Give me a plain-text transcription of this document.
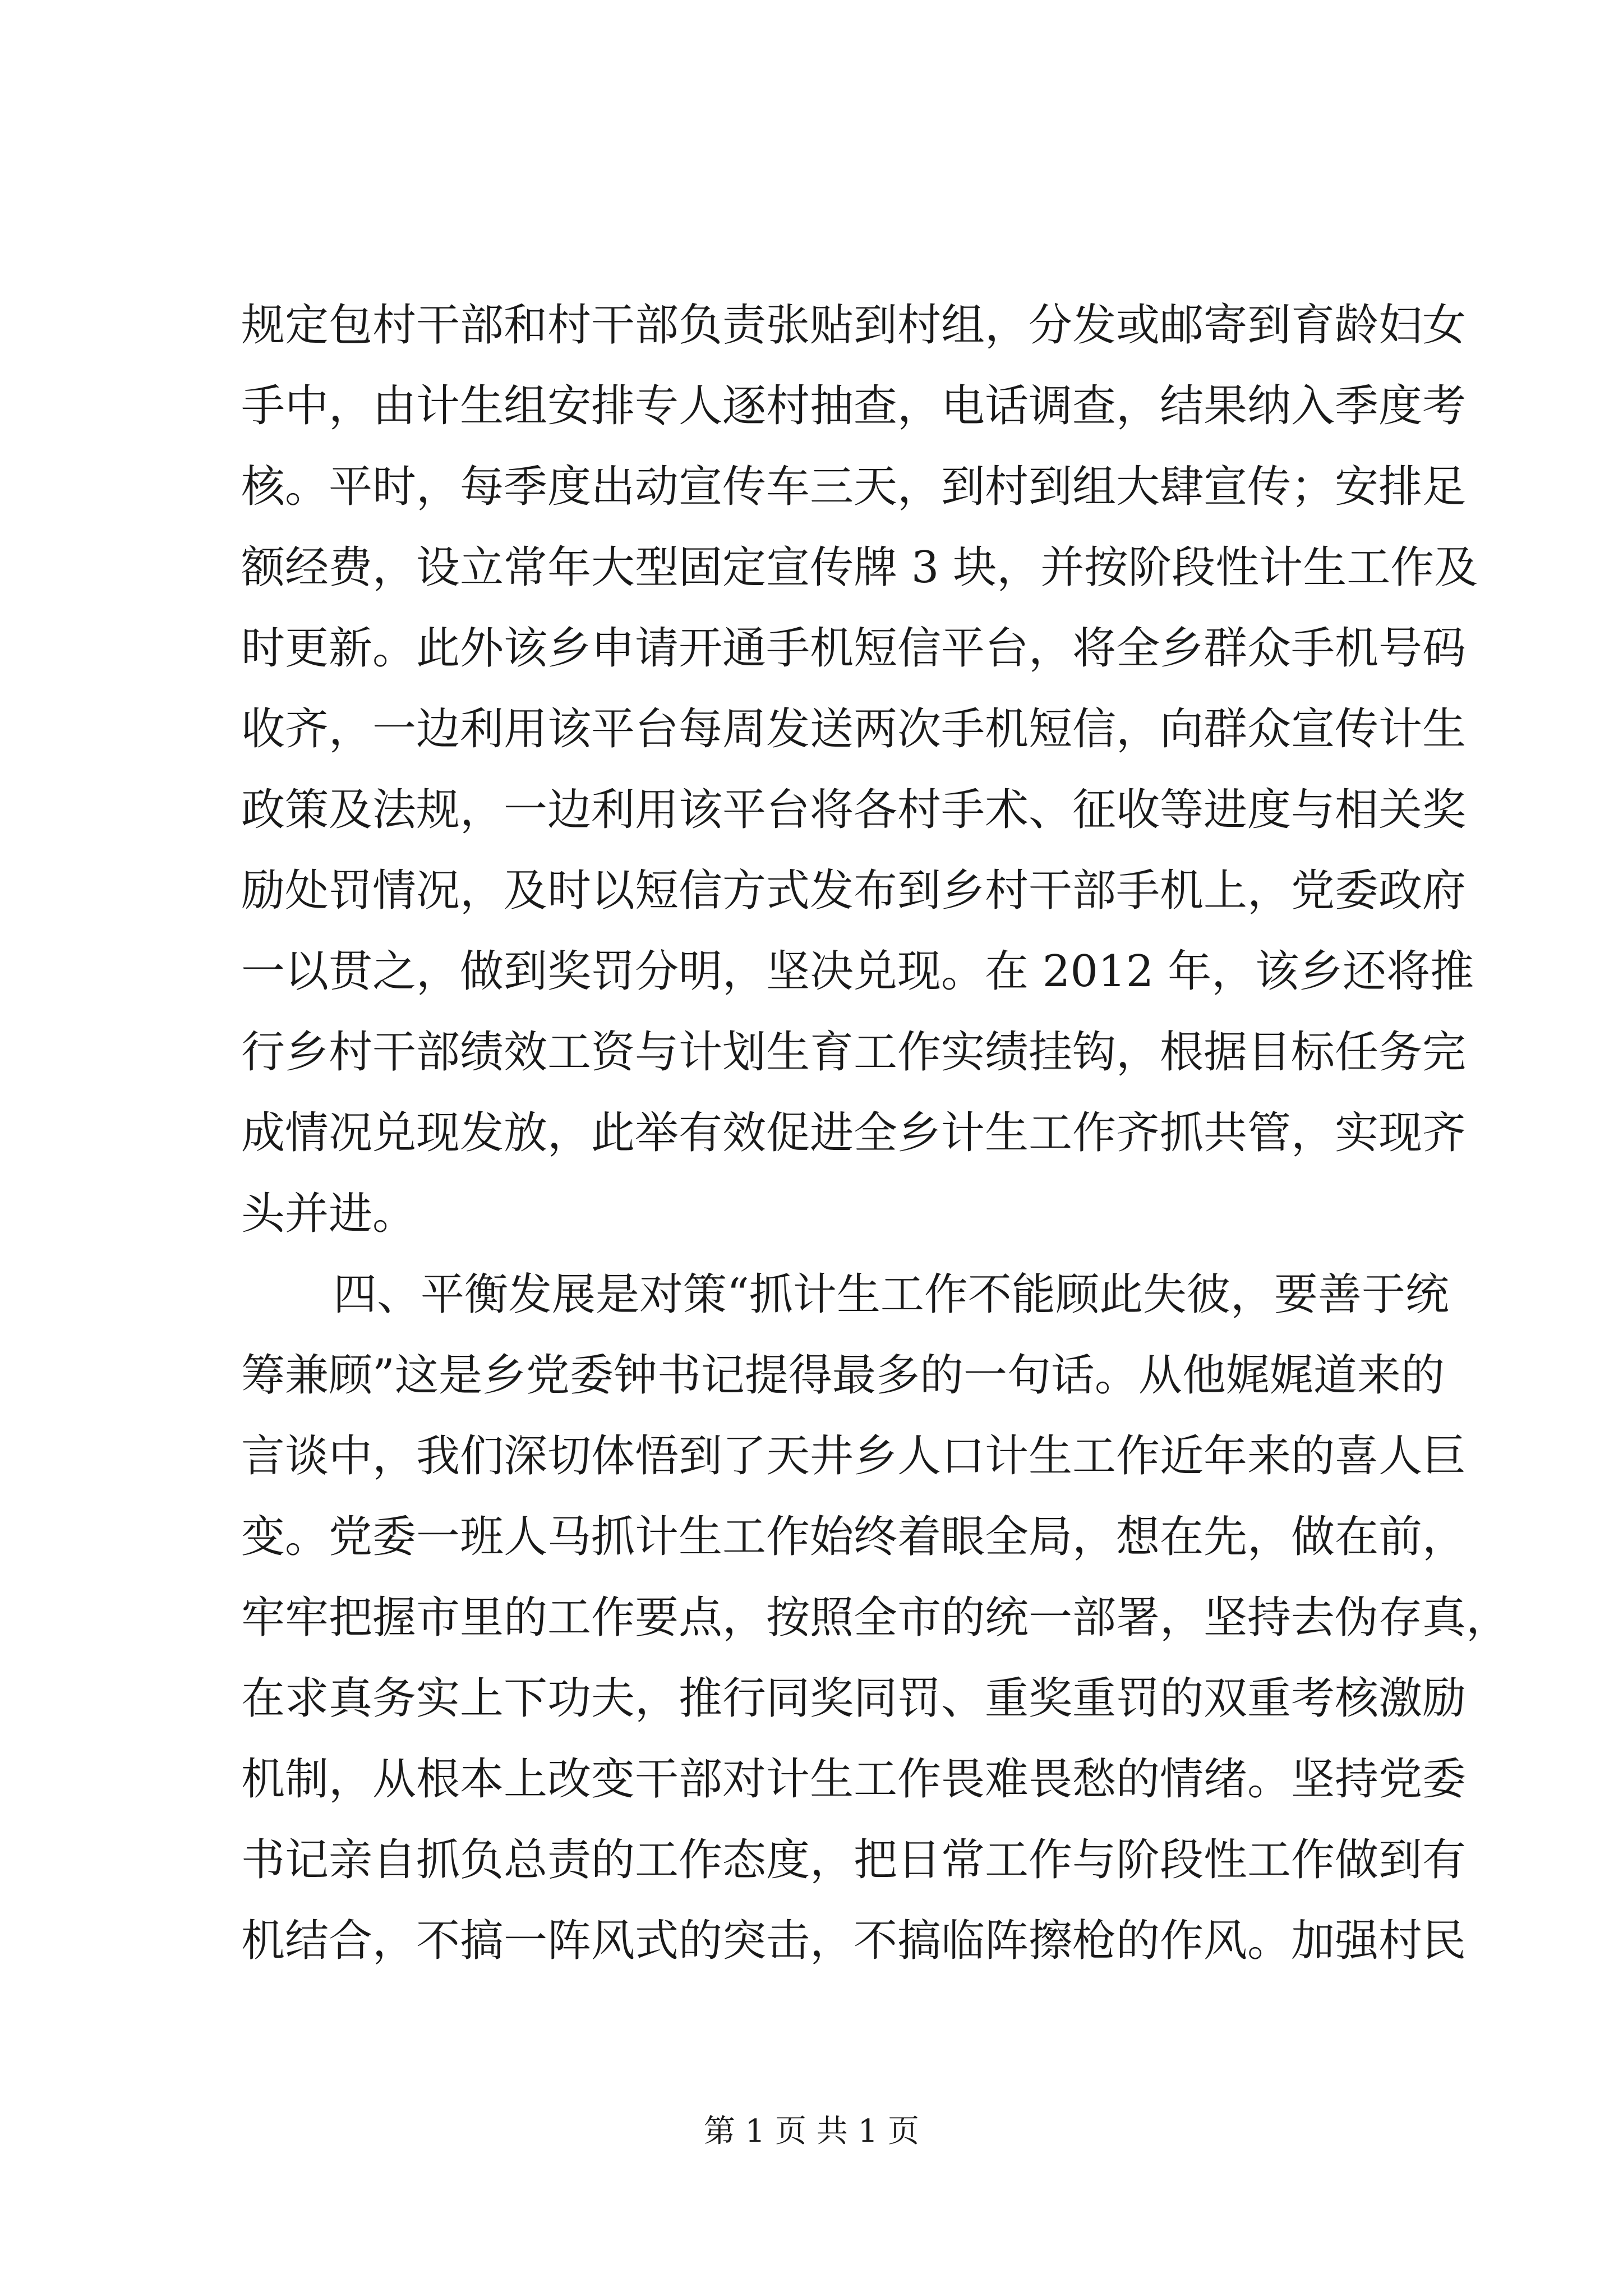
规定包村干部和村干部负责张贴到村组，分发或邮寄到育龄妇女
手中，由计生组安排专人逐村抽查，电话调查，结果纳入季度考
核。平时，每季度出动宣传车三天，到村到组大肆宣传；安排足
额经费，设立常年大型固定宣传牌 3 块，并按阶段性计生工作及
时更新。此外该乡申请开通手机短信平台，将全乡群众手机号码
收齐，一边利用该平台每周发送两次手机短信，向群众宣传计生
政策及法规，一边利用该平台将各村手术、征收等进度与相关奖
励处罚情况，及时以短信方式发布到乡村干部手机上，党委政府
一以贯之，做到奖罚分明，坚决兑现。在 2012 年，该乡还将推
行乡村干部绩效工资与计划生育工作实绩挂钩，根据目标任务完
成情况兑现发放，此举有效促进全乡计生工作齐抓共管，实现齐
头并进。
四、平衡发展是对策“抓计生工作不能顾此失彼，要善于统
筹兼顾”这是乡党委钟书记提得最多的一句话。从他娓娓道来的
言谈中，我们深切体悟到了天井乡人口计生工作近年来的喜人巨
变。党委一班人马抓计生工作始终着眼全局，想在先，做在前，
牢牢把握市里的工作要点，按照全市的统一部署，坚持去伪存真，
在求真务实上下功夫，推行同奖同罚、重奖重罚的双重考核激励
机制，从根本上改变干部对计生工作畏难畏愁的情绪。坚持党委
书记亲自抓负总责的工作态度，把日常工作与阶段性工作做到有
机结合，不搞一阵风式的突击，不搞临阵擦枪的作风。加强村民
第 1 页 共 1 页
